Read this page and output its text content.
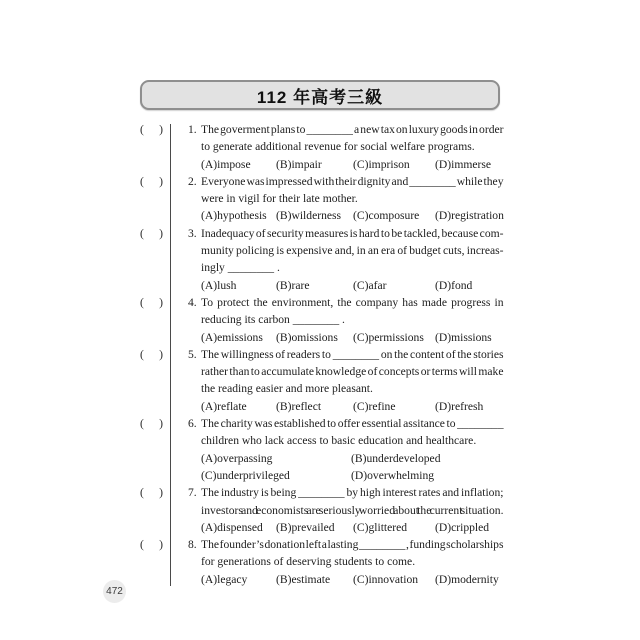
112 年高考三級
( ) 1. The goverment plans to ________ a new tax on luxury goods in order
to generate additional revenue for social welfare programs.
(A)impose	(B)impair	(C)imprison	(D)immerse
( ) 2. Everyone was impressed with their dignity and ________ while they
were in vigil for their late mother.
(A)hypothesis (B)wilderness	(C)composure	(D)registration
( ) 3. Inadequacy of security measures is hard to be tackled, because com-
munity policing is expensive and, in an era of budget cuts, increas-
ingly ________ .
(A)lush	(B)rare	(C)afar	(D)fond
( ) 4. To protect the environment, the company has made progress in
reducing its carbon ________ .
(A)emissions	(B)omissions	(C)permissions (D)missions
( ) 5. The willingness of readers to ________ on the content of the stories
rather than to accumulate knowledge of concepts or terms will make
the reading easier and more pleasant.
(A)reflate	(B)reflect	(C)refine	(D)refresh
( ) 6. The charity was established to offer essential assitance to ________
children who lack access to basic education and healthcare.
(A)overpassing	(B)underdeveloped
(C)underprivileged	(D)overwhelming
( ) 7. The industry is being ________ by high interest rates and inflation;
investors and economists are seriously worried about the current situation.
(A)dispensed	(B)prevailed	(C)glittered	(D)crippled
( ) 8. The founder’s donation left a lasting ________ , funding scholarships
for generations of deserving students to come.
(A)legacy	(B)estimate	(C)innovation	(D)modernity
472
